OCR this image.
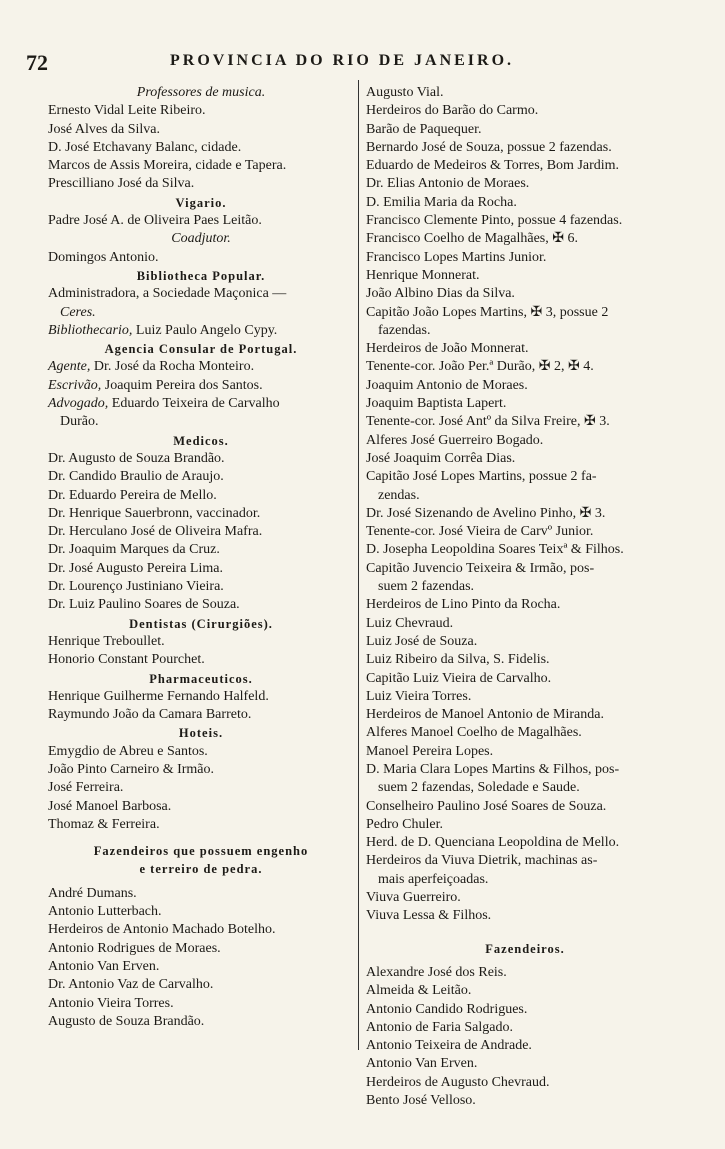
72	PROVINCIA DO RIO DE JANEIRO.
Professores de musica.
Ernesto Vidal Leite Ribeiro.
José Alves da Silva.
D. José Etchavany Balanc, cidade.
Marcos de Assis Moreira, cidade e Tapera.
Prescilliano José da Silva.
Vigario.
Padre José A. de Oliveira Paes Leitão.
Coadjutor.
Domingos Antonio.
Bibliotheca Popular.
Administradora, a Sociedade Maçonica —
Ceres.
Bibliothecario, Luiz Paulo Angelo Cypy.
Agencia Consular de Portugal.
Agente, Dr. José da Rocha Monteiro.
Escrivão, Joaquim Pereira dos Santos.
Advogado, Eduardo Teixeira de Carvalho
Durão.
Medicos.
Dr. Augusto de Souza Brandão.
Dr. Candido Braulio de Araujo.
Dr. Eduardo Pereira de Mello.
Dr. Henrique Sauerbronn, vaccinador.
Dr. Herculano José de Oliveira Mafra.
Dr. Joaquim Marques da Cruz.
Dr. José Augusto Pereira Lima.
Dr. Lourenço Justiniano Vieira.
Dr. Luiz Paulino Soares de Souza.
Dentistas (Cirurgiões).
Henrique Treboullet.
Honorio Constant Pourchet.
Pharmaceuticos.
Henrique Guilherme Fernando Halfeld.
Raymundo João da Camara Barreto.
Hoteis.
Emygdio de Abreu e Santos.
João Pinto Carneiro & Irmão.
José Ferreira.
José Manoel Barbosa.
Thomaz & Ferreira.
Fazendeiros que possuem engenho
e terreiro de pedra.
André Dumans.
Antonio Lutterbach.
Herdeiros de Antonio Machado Botelho.
Antonio Rodrigues de Moraes.
Antonio Van Erven.
Dr. Antonio Vaz de Carvalho.
Antonio Vieira Torres.
Augusto de Souza Brandão.
Augusto Vial.
Herdeiros do Barão do Carmo.
Barão de Paquequer.
Bernardo José de Souza, possue 2 fazendas.
Eduardo de Medeiros & Torres, Bom Jardim.
Dr. Elias Antonio de Moraes.
D. Emilia Maria da Rocha.
Francisco Clemente Pinto, possue 4 fazendas.
Francisco Coelho de Magalhães, ✠ 6.
Francisco Lopes Martins Junior.
Henrique Monnerat.
João Albino Dias da Silva.
Capitão João Lopes Martins, ✠ 3, possue 2
fazendas.
Herdeiros de João Monnerat.
Tenente-cor. João Per.ª Durão, ✠ 2, ✠ 4.
Joaquim Antonio de Moraes.
Joaquim Baptista Lapert.
Tenente-cor. José Antº da Silva Freire, ✠ 3.
Alferes José Guerreiro Bogado.
José Joaquim Corrêa Dias.
Capitão José Lopes Martins, possue 2 fa-
zendas.
Dr. José Sizenando de Avelino Pinho, ✠ 3.
Tenente-cor. José Vieira de Carvº Junior.
D. Josepha Leopoldina Soares Teixª & Filhos.
Capitão Juvencio Teixeira & Irmão, pos-
suem 2 fazendas.
Herdeiros de Lino Pinto da Rocha.
Luiz Chevraud.
Luiz José de Souza.
Luiz Ribeiro da Silva, S. Fidelis.
Capitão Luiz Vieira de Carvalho.
Luiz Vieira Torres.
Herdeiros de Manoel Antonio de Miranda.
Alferes Manoel Coelho de Magalhães.
Manoel Pereira Lopes.
D. Maria Clara Lopes Martins & Filhos, pos-
suem 2 fazendas, Soledade e Saude.
Conselheiro Paulino José Soares de Souza.
Pedro Chuler.
Herd. de D. Quenciana Leopoldina de Mello.
Herdeiros da Viuva Dietrik, machinas as-
mais aperfeiçoadas.
Viuva Guerreiro.
Viuva Lessa & Filhos.
Fazendeiros.
Alexandre José dos Reis.
Almeida & Leitão.
Antonio Candido Rodrigues.
Antonio de Faria Salgado.
Antonio Teixeira de Andrade.
Antonio Van Erven.
Herdeiros de Augusto Chevraud.
Bento José Velloso.
